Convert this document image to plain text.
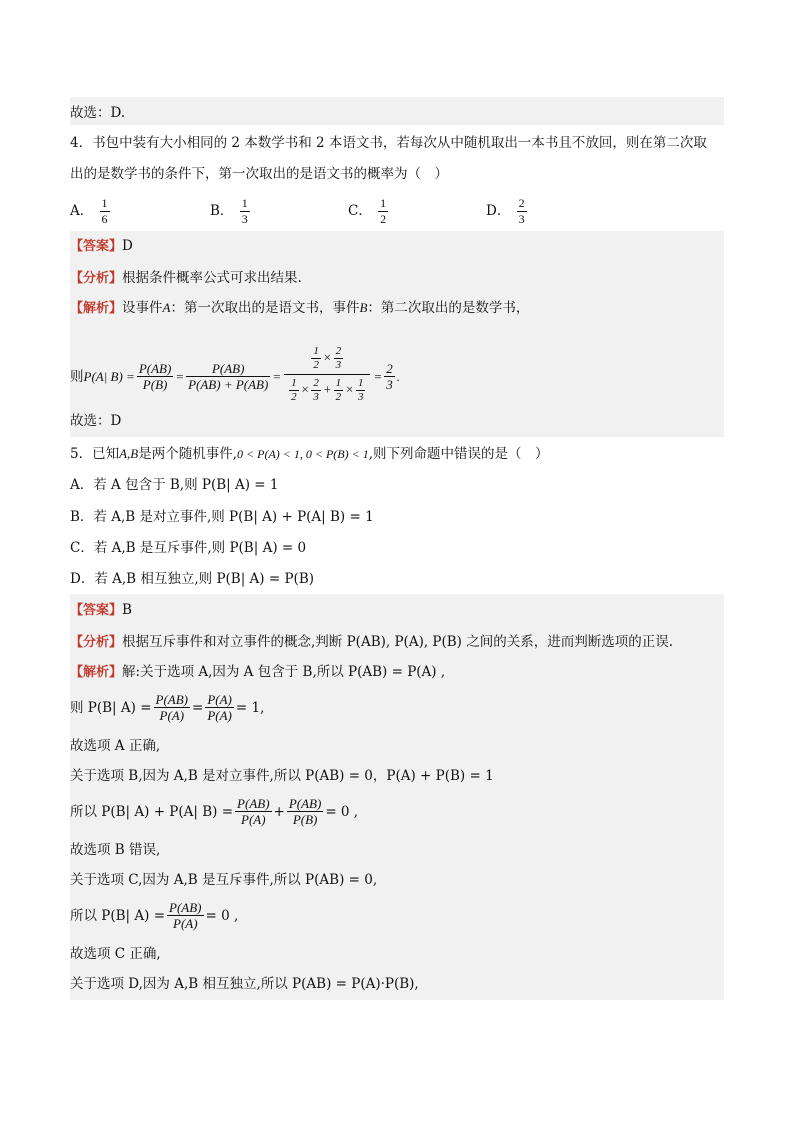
故选：D.
4．书包中装有大小相同的 2 本数学书和 2 本语文书，若每次从中随机取出一本书且不放回，则在第二次取
出的是数学书的条件下，第一次取出的是语文书的概率为（　）
A． $\frac{1}{6}$	B． $\frac{1}{3}$	C． $\frac{1}{2}$	D． $\frac{2}{3}$
【答案】D
【分析】根据条件概率公式可求出结果.
【解析】设事件A：第一次取出的是语文书，事件B：第二次取出的是数学书，
则 P(A| $B) = \frac{P(AB)}{P(B)} = \frac{P(AB)}{P(AB) + P(AB)} = \frac{\frac{1}{2} \times \frac{2}{3}}{\frac{1}{2} \times \frac{2}{3} + \frac{1}{2} \times \frac{1}{3}} = \frac{2}{3}$ .
故选：D
5．已知A,B是两个随机事件,0 < P(A) < 1, 0 < P(B) < 1,则下列命题中错误的是（　）
A．若 A 包含于 B,则 P(B| A) = 1
B．若 A,B 是对立事件,则 P(B| A) + P(A| B) = 1
C．若 A,B 是互斥事件,则 P(B| A) = 0
D．若 A,B 相互独立,则 P(B| A) = P(B)
【答案】B
【分析】根据互斥事件和对立事件的概念,判断 P(AB), P(A), P(B) 之间的关系，进而判断选项的正误.
【解析】解:关于选项 A,因为 A 包含于 B,所以 P(AB) = P(A) ,
则 P(B| $A) = \frac{P(AB)}{P(A)} = \frac{P(A)}{P(A)} = 1$,
故选项 A 正确,
关于选项 B,因为 A,B 是对立事件,所以 P(AB) = 0，P(A) + P(B) = 1
所以 P(B| A) + P(A| $B) = \frac{P(AB)}{P(A)} + \frac{P(AB)}{P(B)} = 0$ ,
故选项 B 错误,
关于选项 C,因为 A,B 是互斥事件,所以 P(AB) = 0,
所以 P(B| $A) = \frac{P(AB)}{P(A)} = 0$ ,
故选项 C 正确,
关于选项 D,因为 A,B 相互独立,所以 P(AB) = P(A)·P(B),
